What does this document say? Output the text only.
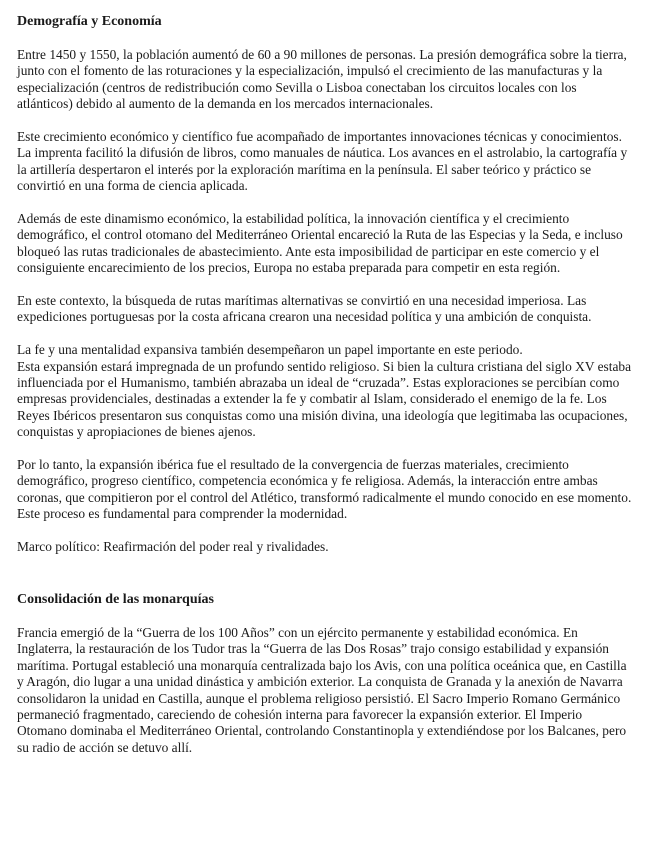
Demografía y Economía

Entre 1450 y 1550, la población aumentó de 60 a 90 millones de personas. La presión demográfica sobre la tierra, junto con el fomento de las roturaciones y la especialización, impulsó el crecimiento de las manufacturas y la especialización (centros de redistribución como Sevilla o Lisboa conectaban los circuitos locales con los atlánticos) debido al aumento de la demanda en los mercados internacionales.

Este crecimiento económico y científico fue acompañado de importantes innovaciones técnicas y conocimientos. La imprenta facilitó la difusión de libros, como manuales de náutica. Los avances en el astrolabio, la cartografía y la artillería despertaron el interés por la exploración marítima en la península. El saber teórico y práctico se convirtió en una forma de ciencia aplicada.

Además de este dinamismo económico, la estabilidad política, la innovación científica y el crecimiento demográfico, el control otomano del Mediterráneo Oriental encareció la Ruta de las Especias y la Seda, e incluso bloqueó las rutas tradicionales de abastecimiento. Ante esta imposibilidad de participar en este comercio y el consiguiente encarecimiento de los precios, Europa no estaba preparada para competir en esta región.

En este contexto, la búsqueda de rutas marítimas alternativas se convirtió en una necesidad imperiosa. Las expediciones portuguesas por la costa africana crearon una necesidad política y una ambición de conquista.

La fe y una mentalidad expansiva también desempeñaron un papel importante en este periodo.
Esta expansión estará impregnada de un profundo sentido religioso. Si bien la cultura cristiana del siglo XV estaba influenciada por el Humanismo, también abrazaba un ideal de “cruzada”. Estas exploraciones se percibían como empresas providenciales, destinadas a extender la fe y combatir al Islam, considerado el enemigo de la fe. Los Reyes Ibéricos presentaron sus conquistas como una misión divina, una ideología que legitimaba las ocupaciones, conquistas y apropiaciones de bienes ajenos.

Por lo tanto, la expansión ibérica fue el resultado de la convergencia de fuerzas materiales, crecimiento demográfico, progreso científico, competencia económica y fe religiosa. Además, la interacción entre ambas coronas, que compitieron por el control del Atlético, transformó radicalmente el mundo conocido en ese momento. Este proceso es fundamental para comprender la modernidad.

Marco político: Reafirmación del poder real y rivalidades.

Consolidación de las monarquías

Francia emergió de la “Guerra de los 100 Años” con un ejército permanente y estabilidad económica. En Inglaterra, la restauración de los Tudor tras la “Guerra de las Dos Rosas” trajo consigo estabilidad y expansión marítima. Portugal estableció una monarquía centralizada bajo los Avis, con una política oceánica que, en Castilla y Aragón, dio lugar a una unidad dinástica y ambición exterior. La conquista de Granada y la anexión de Navarra consolidaron la unidad en Castilla, aunque el problema religioso persistió. El Sacro Imperio Romano Germánico permaneció fragmentado, careciendo de cohesión interna para favorecer la expansión exterior. El Imperio Otomano dominaba el Mediterráneo Oriental, controlando Constantinopla y extendiéndose por los Balcanes, pero su radio de acción se detuvo allí.
